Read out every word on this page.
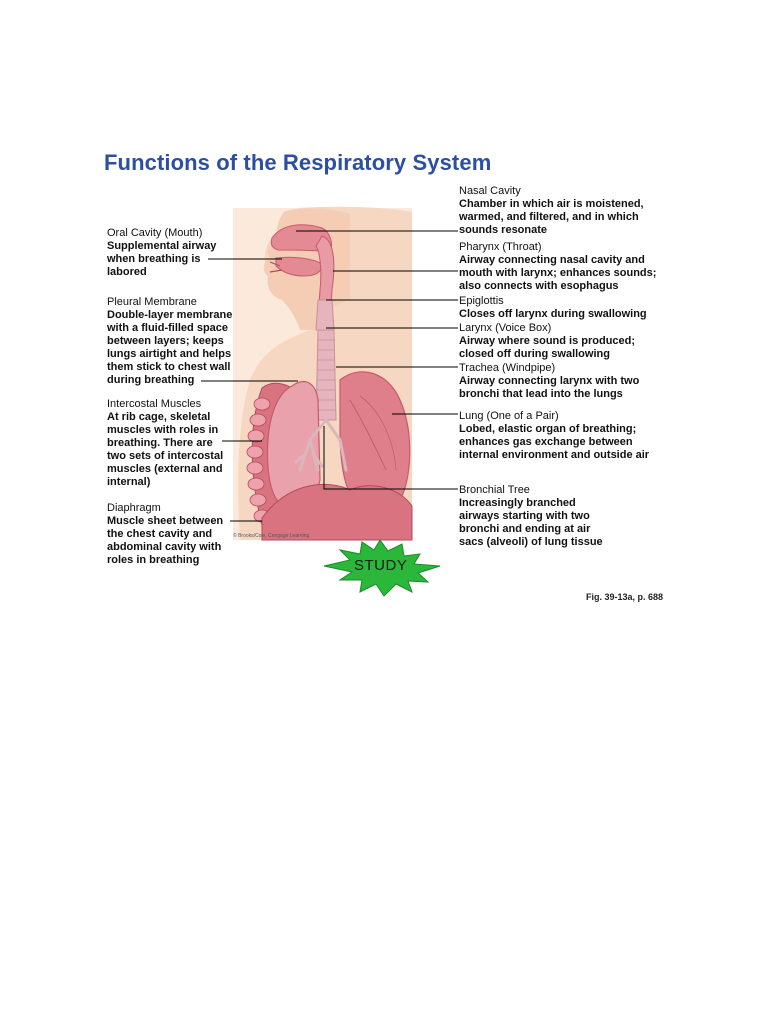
Functions of the Respiratory System
STUDY
© Brooks/Cole, Cengage Learning
Nasal Cavity
Chamber in which air is moistened,
warmed, and filtered, and in which
sounds resonate
Pharynx (Throat)
Airway connecting nasal cavity and
mouth with larynx; enhances sounds;
also connects with esophagus
Epiglottis
Closes off larynx during swallowing
Larynx (Voice Box)
Airway where sound is produced;
closed off during swallowing
Trachea (Windpipe)
Airway connecting larynx with two
bronchi that lead into the lungs
Lung (One of a Pair)
Lobed, elastic organ of breathing;
enhances gas exchange between
internal environment and outside air
Bronchial Tree
Increasingly branched
airways starting with two
bronchi and ending at air
sacs (alveoli) of lung tissue
Oral Cavity (Mouth)
Supplemental airway
when breathing is
labored
Pleural Membrane
Double-layer membrane
with a fluid-filled space
between layers; keeps
lungs airtight and helps
them stick to chest wall
during breathing
Intercostal Muscles
At rib cage, skeletal
muscles with roles in
breathing. There are
two sets of intercostal
muscles (external and
internal)
Diaphragm
Muscle sheet between
the chest cavity and
abdominal cavity with
roles in breathing
Fig. 39-13a, p. 688
